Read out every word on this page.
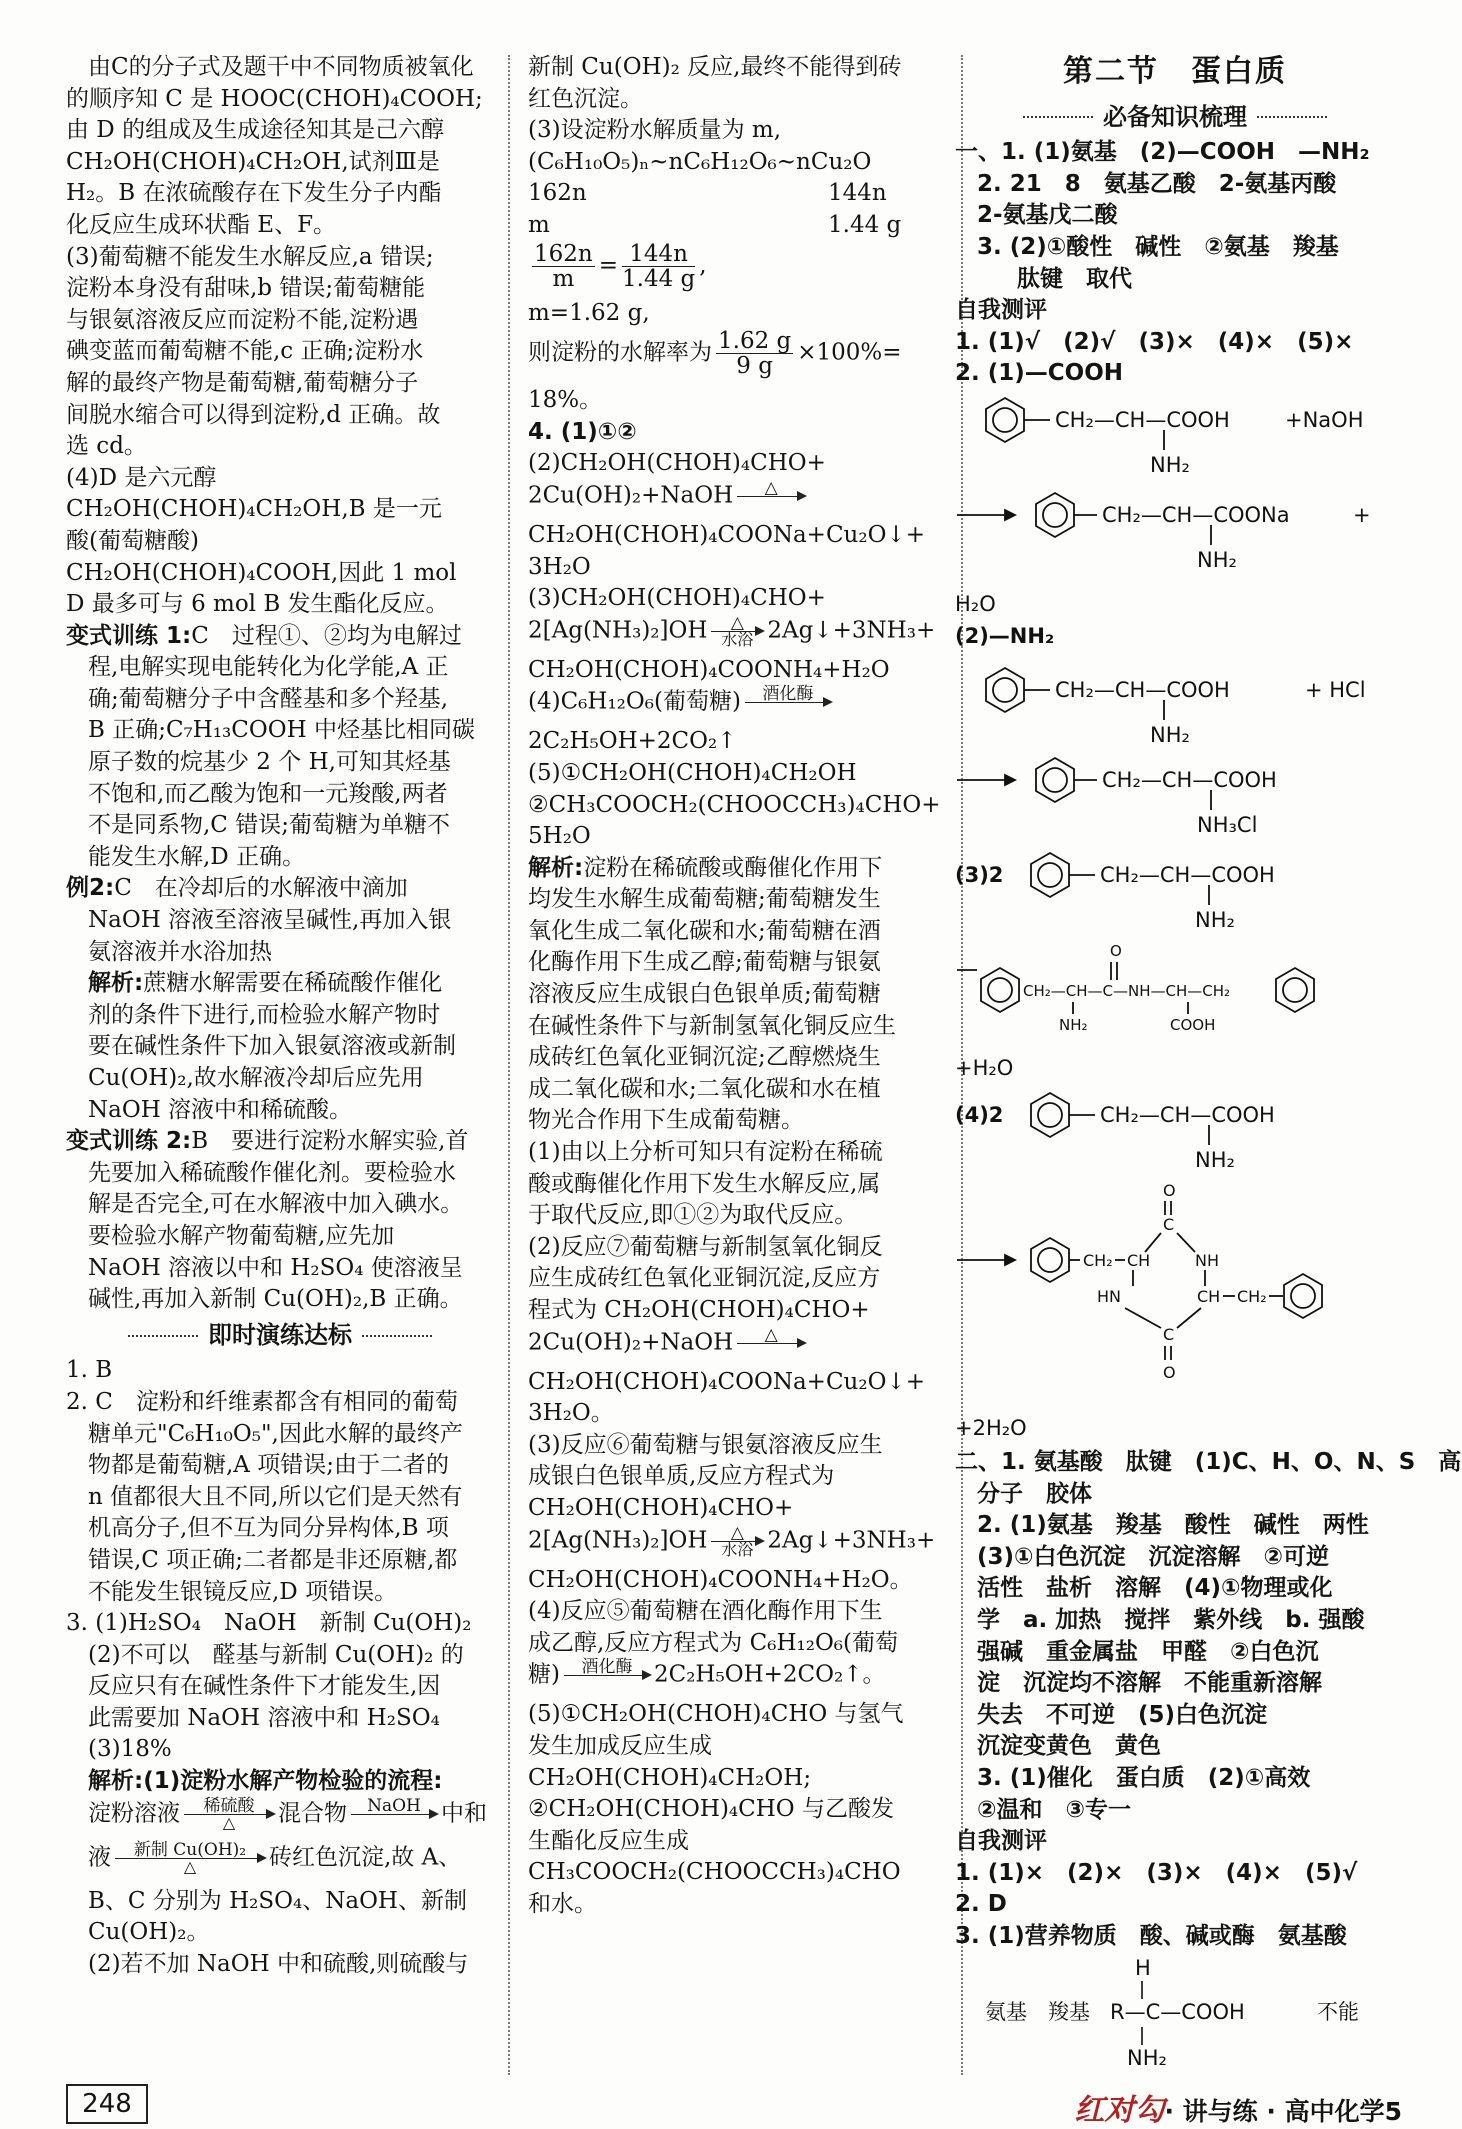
由C的分子式及题干中不同物质被氧化
的顺序知 C 是 HOOC(CHOH)₄COOH;
由 D 的组成及生成途径知其是己六醇
CH₂OH(CHOH)₄CH₂OH,试剂Ⅲ是
H₂。B 在浓硫酸存在下发生分子内酯
化反应生成环状酯 E、F。
(3)葡萄糖不能发生水解反应,a 错误;
淀粉本身没有甜味,b 错误;葡萄糖能
与银氨溶液反应而淀粉不能,淀粉遇
碘变蓝而葡萄糖不能,c 正确;淀粉水
解的最终产物是葡萄糖,葡萄糖分子
间脱水缩合可以得到淀粉,d 正确。故
选 cd。
(4)D 是六元醇
CH₂OH(CHOH)₄CH₂OH,B 是一元
酸(葡萄糖酸)
CH₂OH(CHOH)₄COOH,因此 1 mol
D 最多可与 6 mol B 发生酯化反应。
变式训练 1:C　过程①、②均为电解过
程,电解实现电能转化为化学能,A 正
确;葡萄糖分子中含醛基和多个羟基,
B 正确;C₇H₁₃COOH 中烃基比相同碳
原子数的烷基少 2 个 H,可知其烃基
不饱和,而乙酸为饱和一元羧酸,两者
不是同系物,C 错误;葡萄糖为单糖不
能发生水解,D 正确。
例2:C　在冷却后的水解液中滴加
NaOH 溶液至溶液呈碱性,再加入银
氨溶液并水浴加热
解析:蔗糖水解需要在稀硫酸作催化
剂的条件下进行,而检验水解产物时
要在碱性条件下加入银氨溶液或新制
Cu(OH)₂,故水解液冷却后应先用
NaOH 溶液中和稀硫酸。
变式训练 2:B　要进行淀粉水解实验,首
先要加入稀硫酸作催化剂。要检验水
解是否完全,可在水解液中加入碘水。
要检验水解产物葡萄糖,应先加
NaOH 溶液以中和 H₂SO₄ 使溶液呈
碱性,再加入新制 Cu(OH)₂,B 正确。
即时演练达标
1. B
2. C　淀粉和纤维素都含有相同的葡萄
糖单元"C₆H₁₀O₅",因此水解的最终产
物都是葡萄糖,A 项错误;由于二者的
n 值都很大且不同,所以它们是天然有
机高分子,但不互为同分异构体,B 项
错误,C 项正确;二者都是非还原糖,都
不能发生银镜反应,D 项错误。
3. (1)H₂SO₄　NaOH　新制 Cu(OH)₂
(2)不可以　醛基与新制 Cu(OH)₂ 的
反应只有在碱性条件下才能发生,因
此需要加 NaOH 溶液中和 H₂SO₄
(3)18%
解析:(1)淀粉水解产物检验的流程:
淀粉溶液	稀硫酸
△	混合物	NaOH
中和
液	新制 Cu(OH)₂
△	砖红色沉淀,故 A、
B、C 分别为 H₂SO₄、NaOH、新制
Cu(OH)₂。
(2)若不加 NaOH 中和硫酸,则硫酸与
新制 Cu(OH)₂ 反应,最终不能得到砖
红色沉淀。
(3)设淀粉水解质量为 m,
(C₆H₁₀O₅)ₙ~nC₆H₁₂O₆~nCu₂O
162n	144n
m	1.44 g
$\frac{162n}{m} = \frac{144n}{1.44 g}$ ,
m=1.62 g,
则淀粉的水解率为 $\frac{1.62 g}{9 g} \times 100\%=$
18%。
4. (1)①②
(2)CH₂OH(CHOH)₄CHO+
2Cu(OH)₂+NaOH	△

CH₂OH(CHOH)₄COONa+Cu₂O↓+
3H₂O
(3)CH₂OH(CHOH)₄CHO+
2[Ag(NH₃)₂]OH	△
水浴 2Ag↓+3NH₃+
CH₂OH(CHOH)₄COONH₄+H₂O
(4)C₆H₁₂O₆(葡萄糖)	酒化酶

2C₂H₅OH+2CO₂↑
(5)①CH₂OH(CHOH)₄CH₂OH
②CH₃COOCH₂(CHOOCCH₃)₄CHO+
5H₂O
解析:淀粉在稀硫酸或酶催化作用下
均发生水解生成葡萄糖;葡萄糖发生
氧化生成二氧化碳和水;葡萄糖在酒
化酶作用下生成乙醇;葡萄糖与银氨
溶液反应生成银白色银单质;葡萄糖
在碱性条件下与新制氢氧化铜反应生
成砖红色氧化亚铜沉淀;乙醇燃烧生
成二氧化碳和水;二氧化碳和水在植
物光合作用下生成葡萄糖。
(1)由以上分析可知只有淀粉在稀硫
酸或酶催化作用下发生水解反应,属
于取代反应,即①②为取代反应。
(2)反应⑦葡萄糖与新制氢氧化铜反
应生成砖红色氧化亚铜沉淀,反应方
程式为 CH₂OH(CHOH)₄CHO+
2Cu(OH)₂+NaOH	△

CH₂OH(CHOH)₄COONa+Cu₂O↓+
3H₂O。
(3)反应⑥葡萄糖与银氨溶液反应生
成银白色银单质,反应方程式为
CH₂OH(CHOH)₄CHO+
2[Ag(NH₃)₂]OH	△
水浴 2Ag↓+3NH₃+
CH₂OH(CHOH)₄COONH₄+H₂O。
(4)反应⑤葡萄糖在酒化酶作用下生
成乙醇,反应方程式为 C₆H₁₂O₆(葡萄
糖)	酒化酶
2C₂H₅OH+2CO₂↑。
(5)①CH₂OH(CHOH)₄CHO 与氢气
发生加成反应生成
CH₂OH(CHOH)₄CH₂OH;
②CH₂OH(CHOH)₄CHO 与乙酸发
生酯化反应生成
CH₃COOCH₂(CHOOCCH₃)₄CHO
和水。
第二节　蛋白质
必备知识梳理
一、1. (1)氨基　(2)—COOH　—NH₂
2. 21　8　氨基乙酸　2-氨基丙酸
2-氨基戊二酸
3. (2)①酸性　碱性　②氨基　羧基
肽键　取代
自我测评
1. (1)√　(2)√　(3)×　(4)×　(5)×
2. (1)—COOH
CH₂—CH—COOH
NH₂
+NaOH
CH₂—CH—COONa
NH₂
+
H₂O
(2)—NH₂
CH₂—CH—COOH
NH₂
+ HCl
CH₂—CH—COOH
NH₃Cl
(3)2	CH₂—CH—COOH
NH₂
CH₂—CH—C—NH—CH—CH₂
O
NH₂	COOH
+H₂O
(4)2	CH₂—CH—COOH
NH₂
CH₂ CH
C
O
NH
HN	CH CH₂
C
O
+2H₂O
二、1. 氨基酸　肽键　(1)C、H、O、N、S　高
分子　胶体
2. (1)氨基　羧基　酸性　碱性　两性
(3)①白色沉淀　沉淀溶解　②可逆
活性　盐析　溶解　(4)①物理或化
学　a. 加热　搅拌　紫外线　b. 强酸
强碱　重金属盐　甲醛　②白色沉
淀　沉淀均不溶解　不能重新溶解
失去　不可逆　(5)白色沉淀
沉淀变黄色　黄色
3. (1)催化　蛋白质　(2)①高效
②温和　③专一
自我测评
1. (1)×　(2)×　(3)×　(4)×　(5)√
2. D
3. (1)营养物质　酸、碱或酶　氨基酸
氨基　羧基
H
R—C—COOH
NH₂
不能
248	红对勾· 讲与练 · 高中化学5
